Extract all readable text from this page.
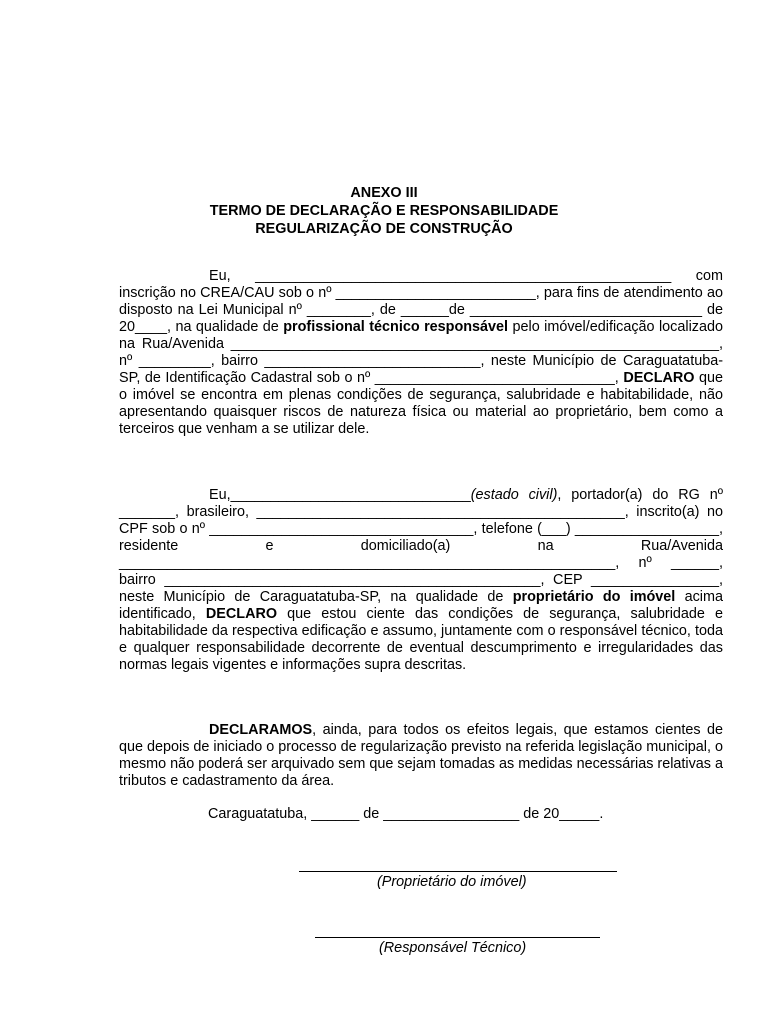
ANEXO III
TERMO DE DECLARAÇÃO E RESPONSABILIDADE
REGULARIZAÇÃO DE CONSTRUÇÃO

Eu, ____________________________________________________ com inscrição no CREA/CAU sob o nº _________________________, para fins de atendimento ao disposto na Lei Municipal nº ________, de ______de _____________________________ de 20____, na qualidade de profissional técnico responsável pelo imóvel/edificação localizado na Rua/Avenida _____________________________________________________________, nº _________, bairro ___________________________, neste Município de Caraguatatuba-SP, de Identificação Cadastral sob o nº ______________________________, DECLARO que o imóvel se encontra em plenas condições de segurança, salubridade e habitabilidade, não apresentando quaisquer riscos de natureza física ou material ao proprietário, bem como a terceiros que venham a se utilizar dele.

Eu,______________________________(estado civil), portador(a) do RG nº _______, brasileiro, ______________________________________________, inscrito(a) no CPF sob o nº _________________________________, telefone (___) __________________, residente e domiciliado(a) na Rua/Avenida ______________________________________________________________, nº ______, bairro _______________________________________________, CEP ________________, neste Município de Caraguatatuba-SP, na qualidade de proprietário do imóvel acima identificado, DECLARO que estou ciente das condições de segurança, salubridade e habitabilidade da respectiva edificação e assumo, juntamente com o responsável técnico, toda e qualquer responsabilidade decorrente de eventual descumprimento e irregularidades das normas legais vigentes e informações supra descritas.

DECLARAMOS, ainda, para todos os efeitos legais, que estamos cientes de que depois de iniciado o processo de regularização previsto na referida legislação municipal, o mesmo não poderá ser arquivado sem que sejam tomadas as medidas necessárias relativas a tributos e cadastramento da área.

Caraguatatuba, ______ de _________________ de 20_____.
(Proprietário do imóvel)
(Responsável Técnico)
